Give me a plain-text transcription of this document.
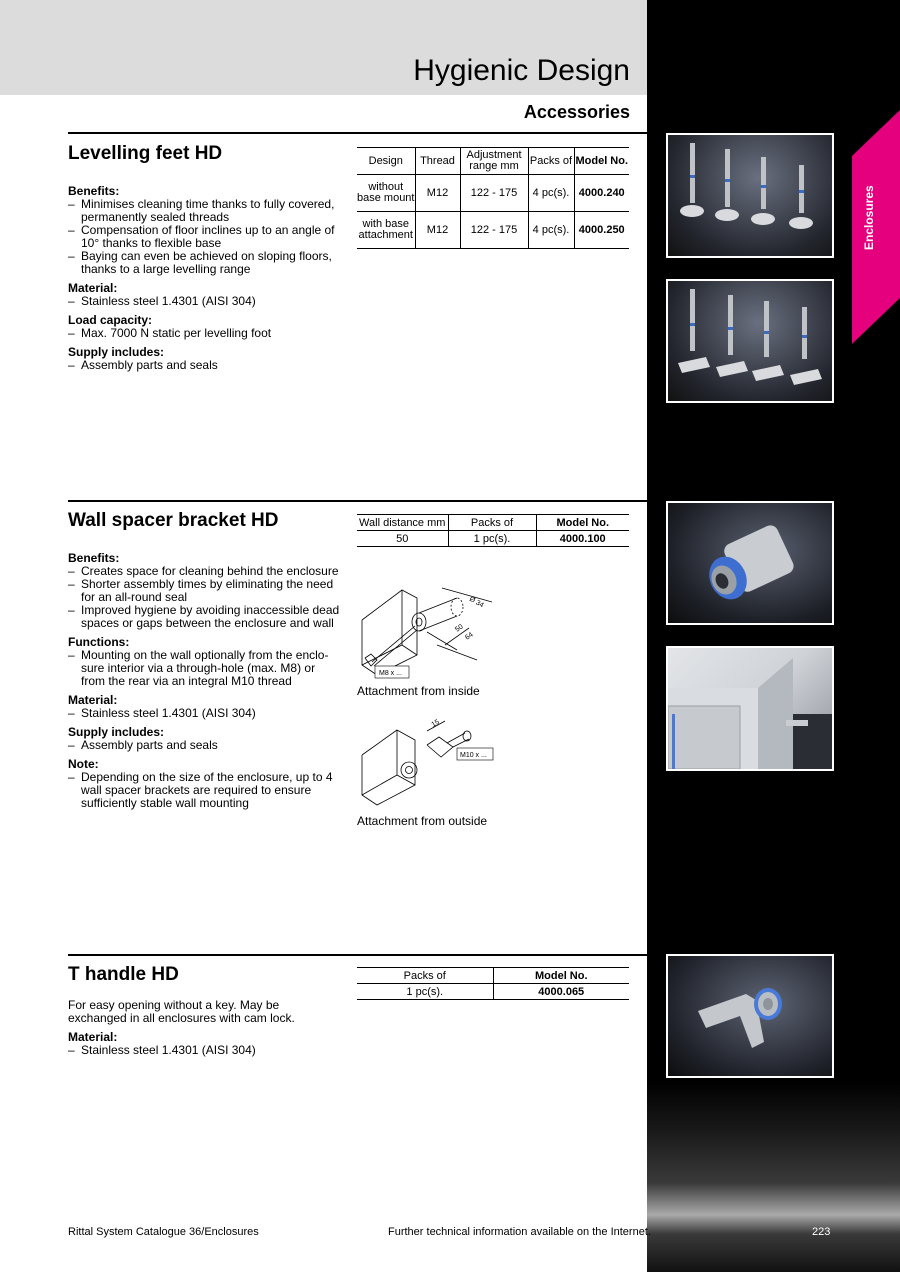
Enclosures
Hygienic Design
Accessories
Levelling feet HD
Benefits:
– Minimises cleaning time thanks to fully covered, permanently sealed threads
– Compensation of floor inclines up to an angle of 10° thanks to flexible base
– Baying can even be achieved on sloping floors, thanks to a large levelling range
Material:
– Stainless steel 1.4301 (AISI 304)
Load capacity:
– Max. 7000 N static per levelling foot
Supply includes:
– Assembly parts and seals
Design	Thread	Adjustment range mm	Packs of	Model No.
without base mount	M12	122 - 175	4 pc(s).	4000.240
with base attachment	M12	122 - 175	4 pc(s).	4000.250
Wall spacer bracket HD
Benefits:
– Creates space for cleaning behind the enclosure
– Shorter assembly times by eliminating the need for an all-round seal
– Improved hygiene by avoiding inaccessible dead spaces or gaps between the enclosure and wall
Functions:
– Mounting on the wall optionally from the enclo-sure interior via a through-hole (max. M8) or from the rear via an integral M10 thread
Material:
– Stainless steel 1.4301 (AISI 304)
Supply includes:
– Assembly parts and seals
Note:
– Depending on the size of the enclosure, up to 4 wall spacer brackets are required to ensure sufficiently stable wall mounting
Wall distance mm	Packs of	Model No.
50	1 pc(s).	4000.100
Ø 34
50
64
M8 x ...
Attachment from inside
15
M10 x ...
Attachment from outside
T handle HD
For easy opening without a key. May be exchanged in all enclosures with cam lock.
Material:
– Stainless steel 1.4301 (AISI 304)
Packs of	Model No.
1 pc(s).	4000.065
Rittal System Catalogue 36/Enclosures	Further technical information available on the Internet.	223
